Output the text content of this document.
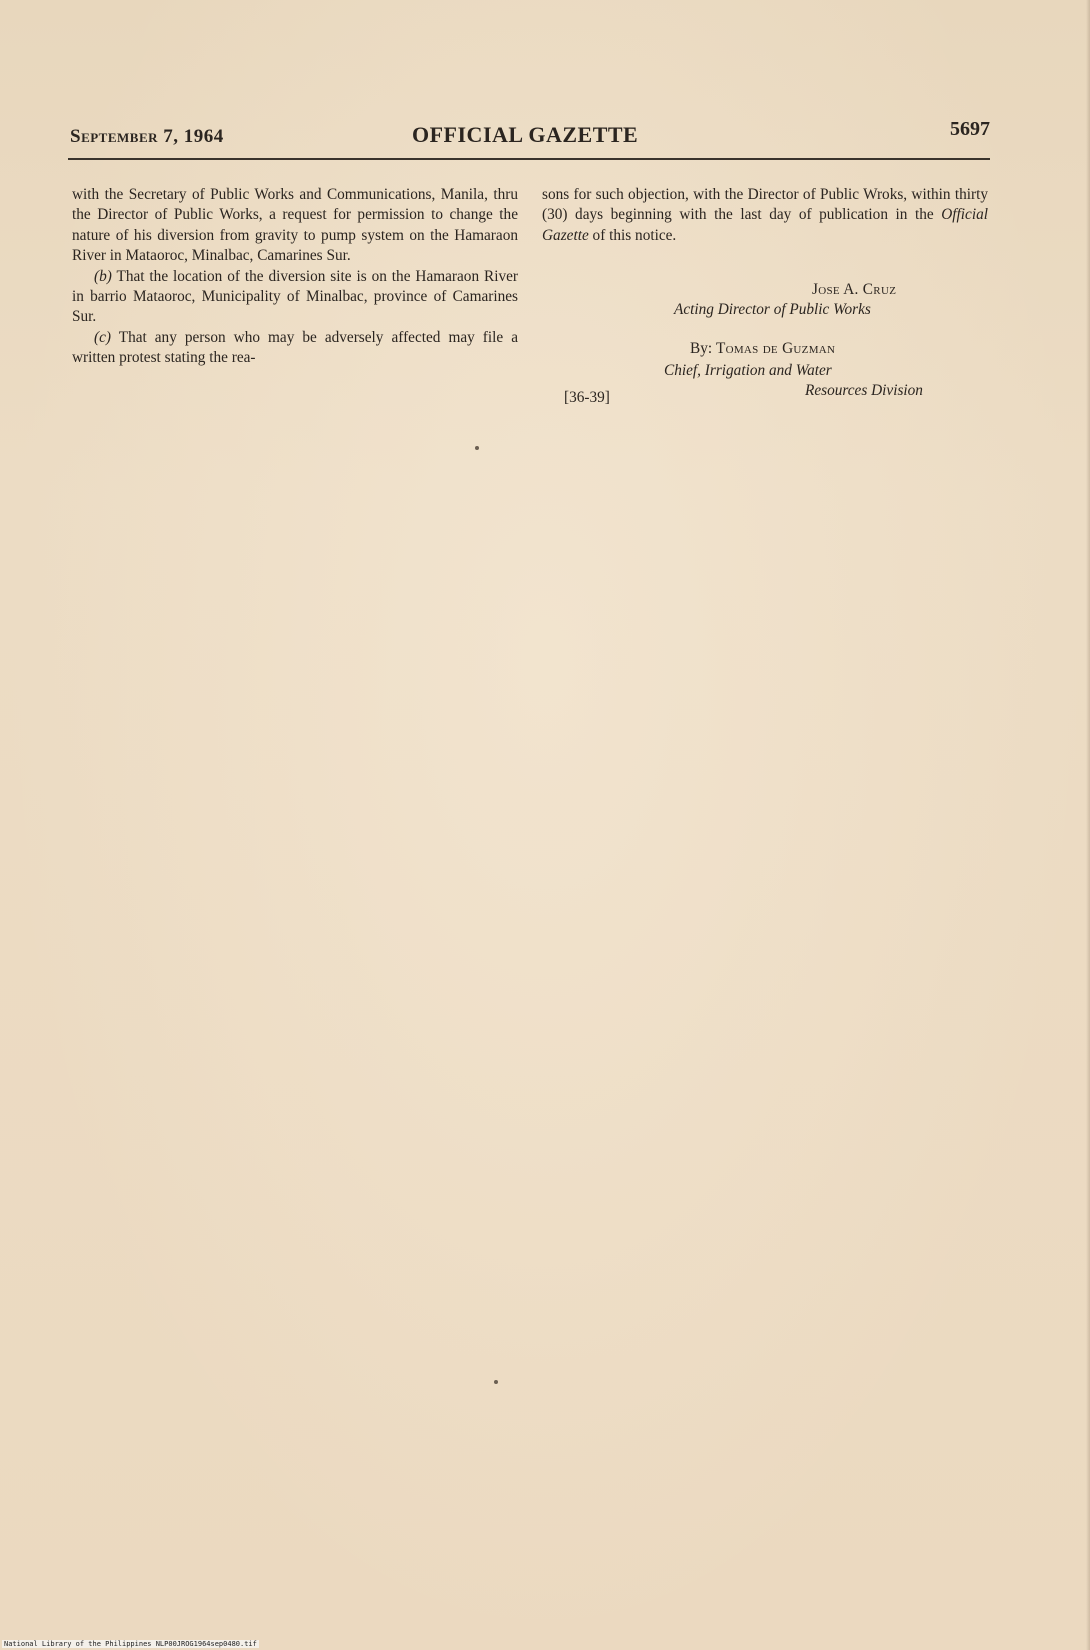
September 7, 1964	OFFICIAL GAZETTE	5697

with the Secretary of Public Works and Communications, Manila, thru the Director of Public Works, a request for permission to change the nature of his diversion from gravity to pump system on the Hamaraon River in Mataoroc, Minalbac, Camarines Sur.

(b) That the location of the diversion site is on the Hamaraon River in barrio Mataoroc, Municipality of Minalbac, province of Camarines Sur.

(c) That any person who may be adversely affected may file a written protest stating the rea-

sons for such objection, with the Director of Public Wroks, within thirty (30) days beginning with the last day of publication in the Official Gazette of this notice.

Jose A. Cruz
Acting Director of Public Works
By: Tomas de Guzman
Chief, Irrigation and Water
Resources Division
[36-39]
National Library of the Philippines NLP00JROG1964sep0480.tif
